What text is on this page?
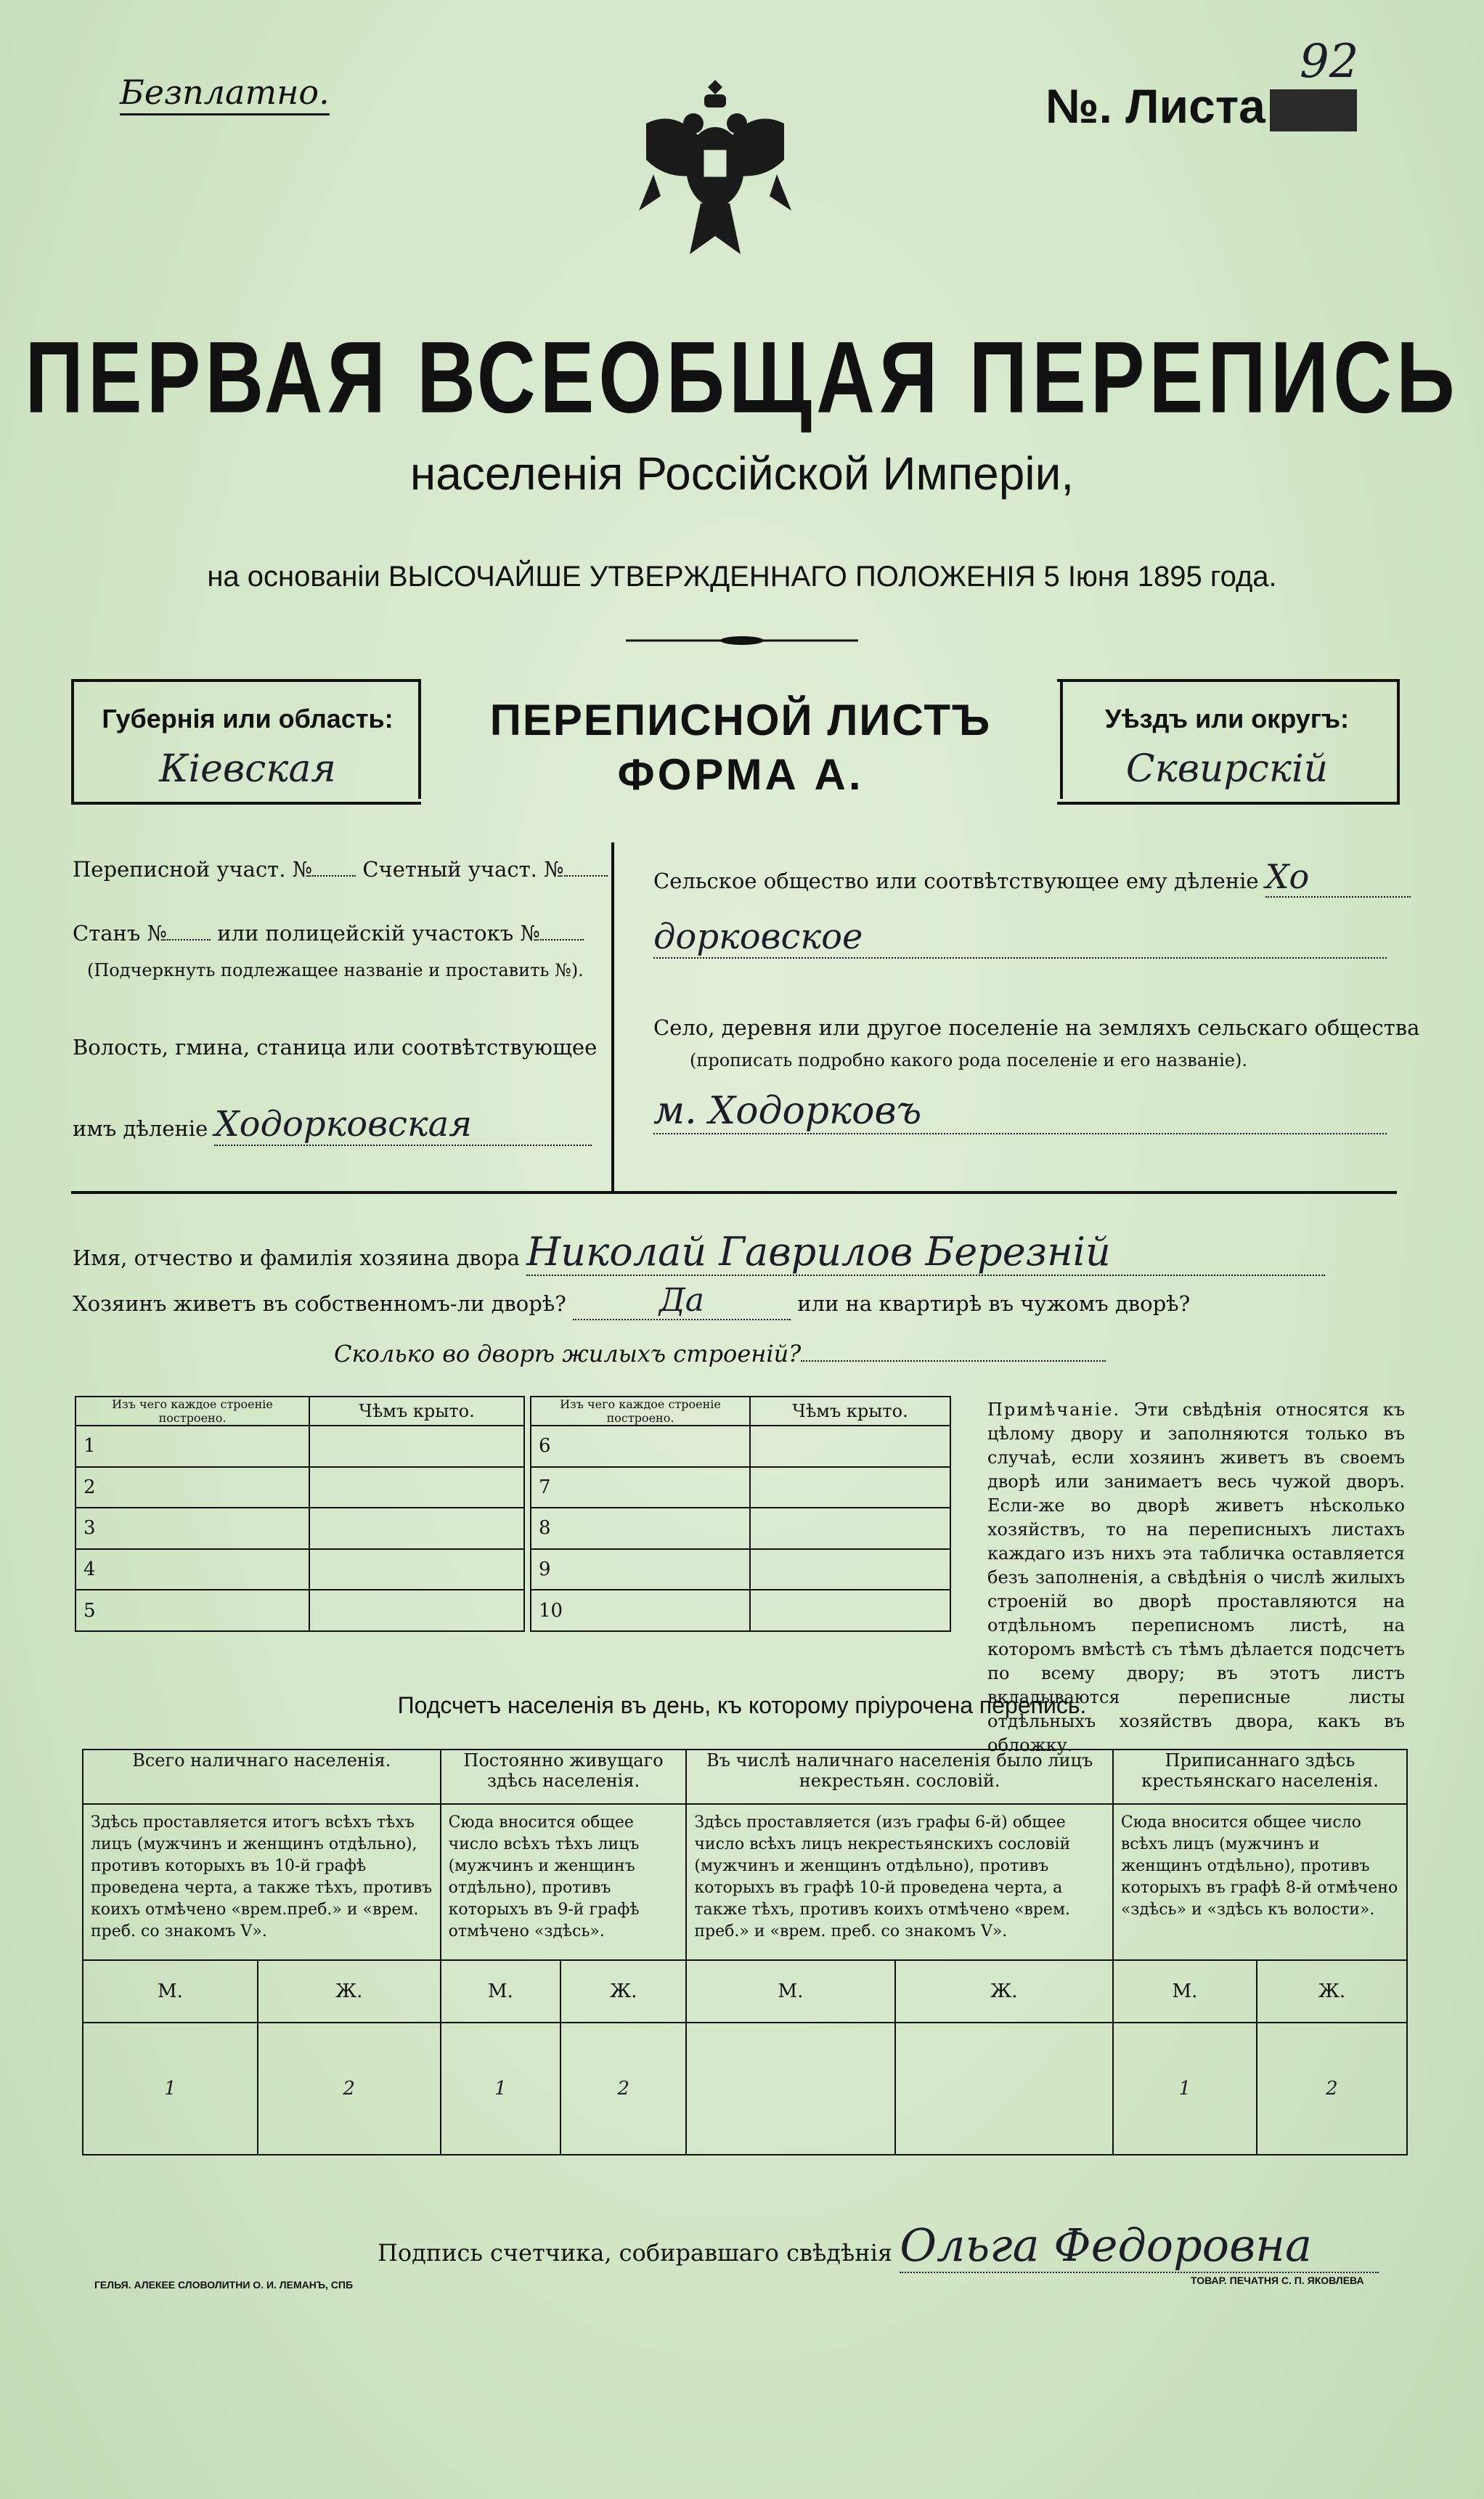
Безплатно.	№. Листа
92
ПЕРВАЯ ВСЕОБЩАЯ ПЕРЕПИСЬ
населенія Россійской Имперіи,
на основаніи ВЫСОЧАЙШЕ УТВЕРЖДЕННАГО ПОЛОЖЕНІЯ 5 Іюня 1895 года.
Губернія или область:
Кіевская
ПЕРЕПИСНОЙ ЛИСТЪ
ФОРМА А.
Уѣздъ или округъ:
Сквирскій
Переписной участ. № Счетный участ. №
Станъ № или полицейскій участокъ №
(Подчеркнуть подлежащее названіе и проставить №).
Волость, гмина, станица или соотвѣтствующее
имъ дѣленіе Ходорковская
Сельское общество или соотвѣтствующее ему дѣленіе Хо
дорковское
Село, деревня или другое поселеніе на земляхъ сельскаго общества
(прописать подробно какого рода поселеніе и его названіе).
м. Ходорковъ
Имя, отчество и фамилія хозяина двора Николай Гаврилов Березній
Хозяинъ живетъ въ собственномъ-ли дворѣ?	Да	или на квартирѣ въ чужомъ дворѣ?
Сколько во дворѣ жилыхъ строеній?
Изъ чего каждое строеніе построено.	Чѣмъ крыто.
1	
2	
3	
4	
5	
Изъ чего каждое строеніе построено.	Чѣмъ крыто.
6	
7	
8	
9	
10	
Примѣчаніе. Эти свѣдѣнія относятся къ цѣлому двору и заполняются только въ случаѣ, если хозяинъ живетъ въ своемъ дворѣ или занимаетъ весь чужой дворъ. Если-же во дворѣ живетъ нѣсколько хозяйствъ, то на переписныхъ листахъ каждаго изъ нихъ эта табличка оставляется безъ заполненія, а свѣдѣнія о числѣ жилыхъ строеній во дворѣ проставляются на отдѣльномъ переписномъ листѣ, на которомъ вмѣстѣ съ тѣмъ дѣлается подсчетъ по всему двору; въ этотъ листъ вкладываются переписные листы отдѣльныхъ хозяйствъ двора, какъ въ обложку.
Подсчетъ населенія въ день, къ которому пріурочена перепись.
Всего наличнаго населенія.		Постоянно живущаго здѣсь населенія.		Въ числѣ наличнаго населенія было лицъ некрестьян. сословій.		Приписаннаго здѣсь крестьянскаго населенія.	
Здѣсь проставляется итогъ всѣхъ тѣхъ лицъ (мужчинъ и женщинъ отдѣльно), противъ которыхъ въ 10-й графѣ проведена черта, а также тѣхъ, противъ коихъ отмѣчено «врем.преб.» и «врем. преб. со знакомъ V».		Сюда вносится общее число всѣхъ тѣхъ лицъ (мужчинъ и женщинъ отдѣльно), противъ которыхъ въ 9-й графѣ отмѣчено «здѣсь».		Здѣсь проставляется (изъ графы 6-й) общее число всѣхъ лицъ некрестьянскихъ сословій (мужчинъ и женщинъ отдѣльно), противъ которыхъ въ графѣ 10-й проведена черта, а также тѣхъ, противъ коихъ отмѣчено «врем. преб.» и «врем. преб. со знакомъ V».		Сюда вносится общее число всѣхъ лицъ (мужчинъ и женщинъ отдѣльно), противъ которыхъ въ графѣ 8-й отмѣчено «здѣсь» и «здѣсь къ волости».	
М.	Ж.	М.	Ж.	М.	Ж.	М.	Ж.
1	2	1	2			1	2
Подпись счетчика, собиравшаго свѣдѣнія Ольга Федоровна
ГЕЛЬЯ. АЛЕКЕЕ СЛОВОЛИТНИ О. И. ЛЕМАНЪ, СПБ	ТОВАР. ПЕЧАТНЯ С. П. ЯКОВЛЕВА
